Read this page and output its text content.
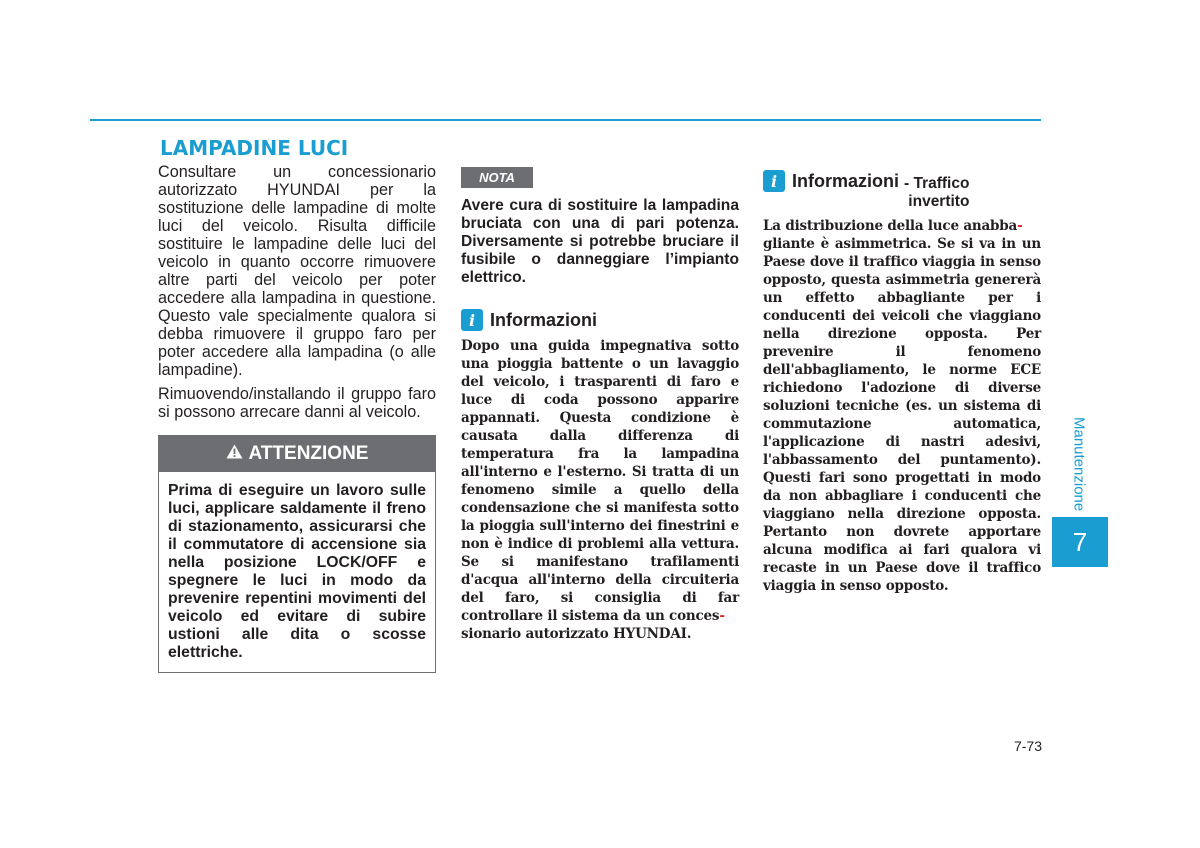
LAMPADINE LUCI

Consultare un concessionario autorizzato HYUNDAI per la sostituzione delle lampadine di molte luci del veicolo. Risulta difficile sostituire le lampadine delle luci del veicolo in quanto occorre rimuovere altre parti del veicolo per poter accedere alla lampadina in questione. Questo vale specialmente qualora si debba rimuovere il gruppo faro per poter accedere alla lampadina (o alle lampadine).

Rimuovendo/installando il gruppo faro si possono arrecare danni al veicolo.

ATTENZIONE

Prima di eseguire un lavoro sulle luci, applicare saldamente il freno di stazionamento, assicurarsi che il commutatore di accensione sia nella posizione LOCK/OFF e spegnere le luci in modo da prevenire repentini movimenti del veicolo ed evitare di subire ustioni alle dita o scosse elettriche.

NOTA

Avere cura di sostituire la lampadina bruciata con una di pari potenza. Diversamente si potrebbe bruciare il fusibile o danneggiare l’impianto elettrico.

i Informazioni

Dopo una guida impegnativa sotto una pioggia battente o un lavaggio del veicolo, i trasparenti di faro e luce di coda possono apparire appannati. Questa condizione è causata dalla differenza di temperatura fra la lampadina all'interno e l'esterno. Si tratta di un fenomeno simile a quello della condensazione che si manifesta sotto la pioggia sull'interno dei finestrini e non è indice di problemi alla vettura. Se si manifestano trafilamenti d'acqua all'interno della circuiteria del faro, si consiglia di far controllare il sistema da un conces-
sionario autorizzato HYUNDAI.

i Informazioni - Traffico
invertito

La distribuzione della luce anabba-
gliante è asimmetrica. Se si va in un Paese dove il traffico viaggia in senso opposto, questa asimmetria genererà un effetto abbagliante per i conducenti dei veicoli che viaggiano nella direzione opposta. Per prevenire il fenomeno dell'abbagliamento, le norme ECE richiedono l'adozione di diverse soluzioni tecniche (es. un sistema di commutazione automatica, l'applicazione di nastri adesivi, l'abbassamento del puntamento). Questi fari sono progettati in modo da non abbagliare i conducenti che viaggiano nella direzione opposta. Pertanto non dovrete apportare alcuna modifica ai fari qualora vi recaste in un Paese dove il traffico viaggia in senso opposto.

Manutenzione
7
7-73
